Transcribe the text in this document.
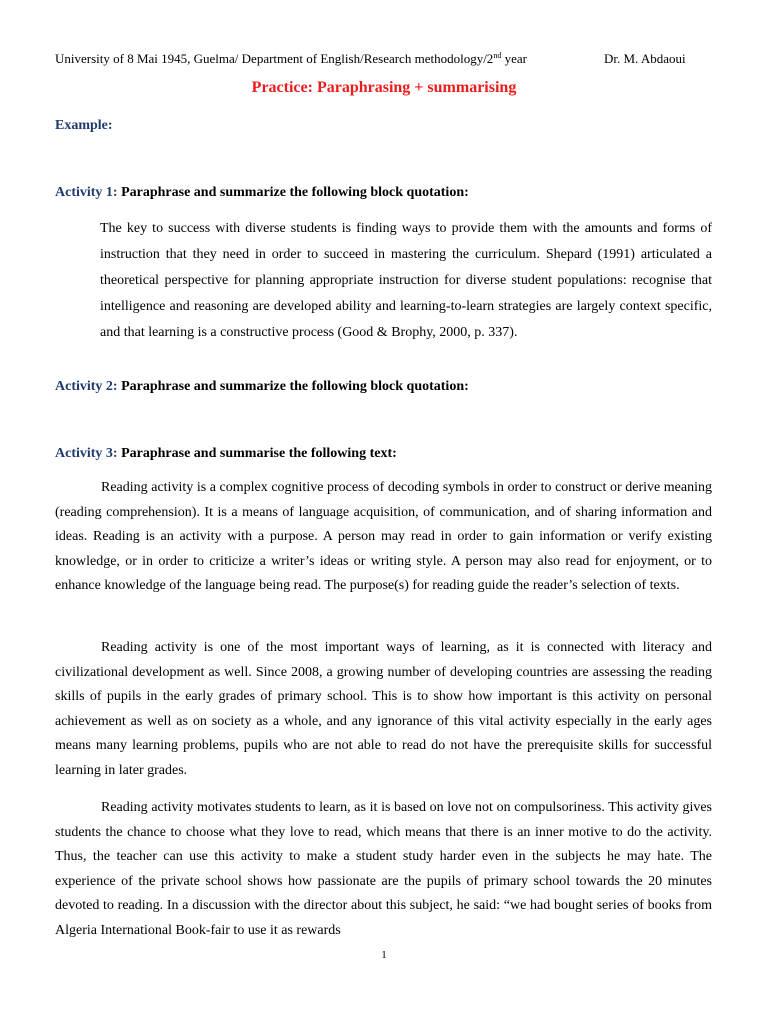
University of 8 Mai 1945, Guelma/ Department of English/Research methodology/2nd year	Dr. M. Abdaoui
Practice: Paraphrasing + summarising
Example:
Activity 1: Paraphrase and summarize the following block quotation:
The key to success with diverse students is finding ways to provide them with the amounts and forms of instruction that they need in order to succeed in mastering the curriculum. Shepard (1991) articulated a theoretical perspective for planning appropriate instruction for diverse student populations: recognise that intelligence and reasoning are developed ability and learning-to-learn strategies are largely context specific, and that learning is a constructive process (Good & Brophy, 2000, p. 337).
Activity 2: Paraphrase and summarize the following block quotation:
Activity 3: Paraphrase and summarise the following text:
Reading activity is a complex cognitive process of decoding symbols in order to construct or derive meaning (reading comprehension). It is a means of language acquisition, of communication, and of sharing information and ideas. Reading is an activity with a purpose. A person may read in order to gain information or verify existing knowledge, or in order to criticize a writer’s ideas or writing style. A person may also read for enjoyment, or to enhance knowledge of the language being read. The purpose(s) for reading guide the reader’s selection of texts.
Reading activity is one of the most important ways of learning, as it is connected with literacy and civilizational development as well. Since 2008, a growing number of developing countries are assessing the reading skills of pupils in the early grades of primary school. This is to show how important is this activity on personal achievement as well as on society as a whole, and any ignorance of this vital activity especially in the early ages means many learning problems, pupils who are not able to read do not have the prerequisite skills for successful learning in later grades.
Reading activity motivates students to learn, as it is based on love not on compulsoriness. This activity gives students the chance to choose what they love to read, which means that there is an inner motive to do the activity. Thus, the teacher can use this activity to make a student study harder even in the subjects he may hate. The experience of the private school shows how passionate are the pupils of primary school towards the 20 minutes devoted to reading. In a discussion with the director about this subject, he said: “we had bought series of books from Algeria International Book-fair to use it as rewards
1
